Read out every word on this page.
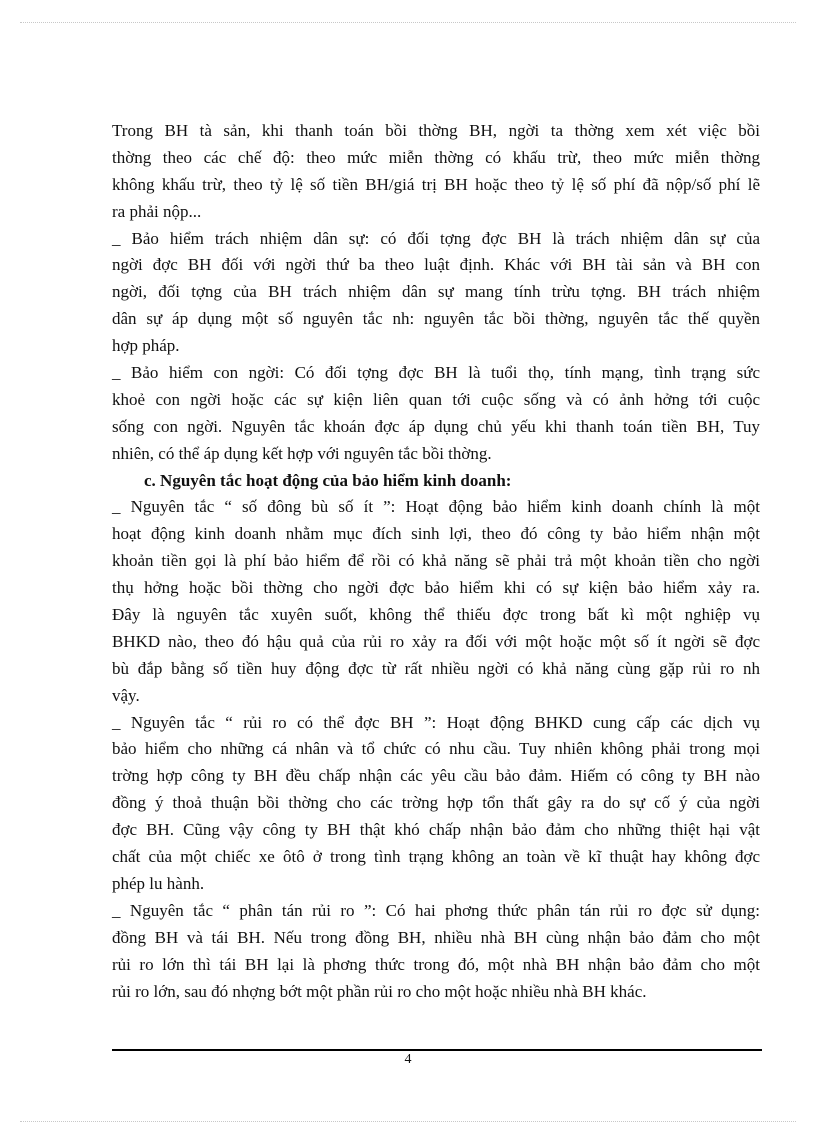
Trong BH tà sản, khi thanh toán bồi thờng BH, ngời ta thờng xem xét việc bồi
thờng theo các chế độ: theo mức miễn thờng có khấu trừ, theo mức miễn thờng
không khấu trừ, theo tỷ lệ số tiền BH/giá trị BH hoặc theo tỷ lệ số phí đã nộp/số phí lẽ
ra phải nộp...
_ Bảo hiểm trách nhiệm dân sự: có đối tợng đợc BH là trách nhiệm dân sự của
ngời đợc BH đối với ngời thứ ba theo luật định. Khác với BH tài sản và BH con
ngời, đối tợng của BH trách nhiệm dân sự mang tính trừu tợng. BH trách nhiệm
dân sự áp dụng một số nguyên tắc nh: nguyên tắc bồi thờng, nguyên tắc thế quyền
hợp pháp.
_ Bảo hiểm con ngời: Có đối tợng đợc BH là tuổi thọ, tính mạng, tình trạng sức
khoẻ con ngời hoặc các sự kiện liên quan tới cuộc sống và có ảnh hởng tới cuộc
sống con ngời. Nguyên tắc khoán đợc áp dụng chủ yếu khi thanh toán tiền BH, Tuy
nhiên, có thể áp dụng kết hợp với nguyên tắc bồi thờng.
c. Nguyên tắc hoạt động của bảo hiểm kinh doanh:
_ Nguyên tắc “ số đông bù số ít ”: Hoạt động bảo hiểm kinh doanh chính là một
hoạt động kinh doanh nhằm mục đích sinh lợi, theo đó công ty bảo hiểm nhận một
khoản tiền gọi là phí bảo hiểm để rồi có khả năng sẽ phải trả một khoản tiền cho ngời
thụ hởng hoặc bồi thờng cho ngời đợc bảo hiểm khi có sự kiện bảo hiểm xảy ra.
Đây là nguyên tắc xuyên suốt, không thể thiếu đợc trong bất kì một nghiệp vụ
BHKD nào, theo đó hậu quả của rủi ro xảy ra đối với một hoặc một số ít ngời sẽ đợc
bù đắp bằng số tiền huy động đợc từ rất nhiều ngời có khả năng cùng gặp rủi ro nh
vậy.
_ Nguyên tắc “ rủi ro có thể đợc BH ”: Hoạt động BHKD cung cấp các dịch vụ
bảo hiểm cho những cá nhân và tổ chức có nhu cầu. Tuy nhiên không phải trong mọi
trờng hợp công ty BH đều chấp nhận các yêu cầu bảo đảm. Hiếm có công ty BH nào
đồng ý thoả thuận bồi thờng cho các trờng hợp tổn thất gây ra do sự cố ý của ngời
đợc BH. Cũng vậy công ty BH thật khó chấp nhận bảo đảm cho những thiệt hại vật
chất của một chiếc xe ôtô ở trong tình trạng không an toàn về kĩ thuật hay không đợc
phép lu hành.
_ Nguyên tắc “ phân tán rủi ro ”: Có hai phơng thức phân tán rủi ro đợc sử dụng:
đồng BH và tái BH. Nếu trong đồng BH, nhiều nhà BH cùng nhận bảo đảm cho một
rủi ro lớn thì tái BH lại là phơng thức trong đó, một nhà BH nhận bảo đảm cho một
rủi ro lớn, sau đó nhợng bớt một phần rủi ro cho một hoặc nhiều nhà BH khác.
4
